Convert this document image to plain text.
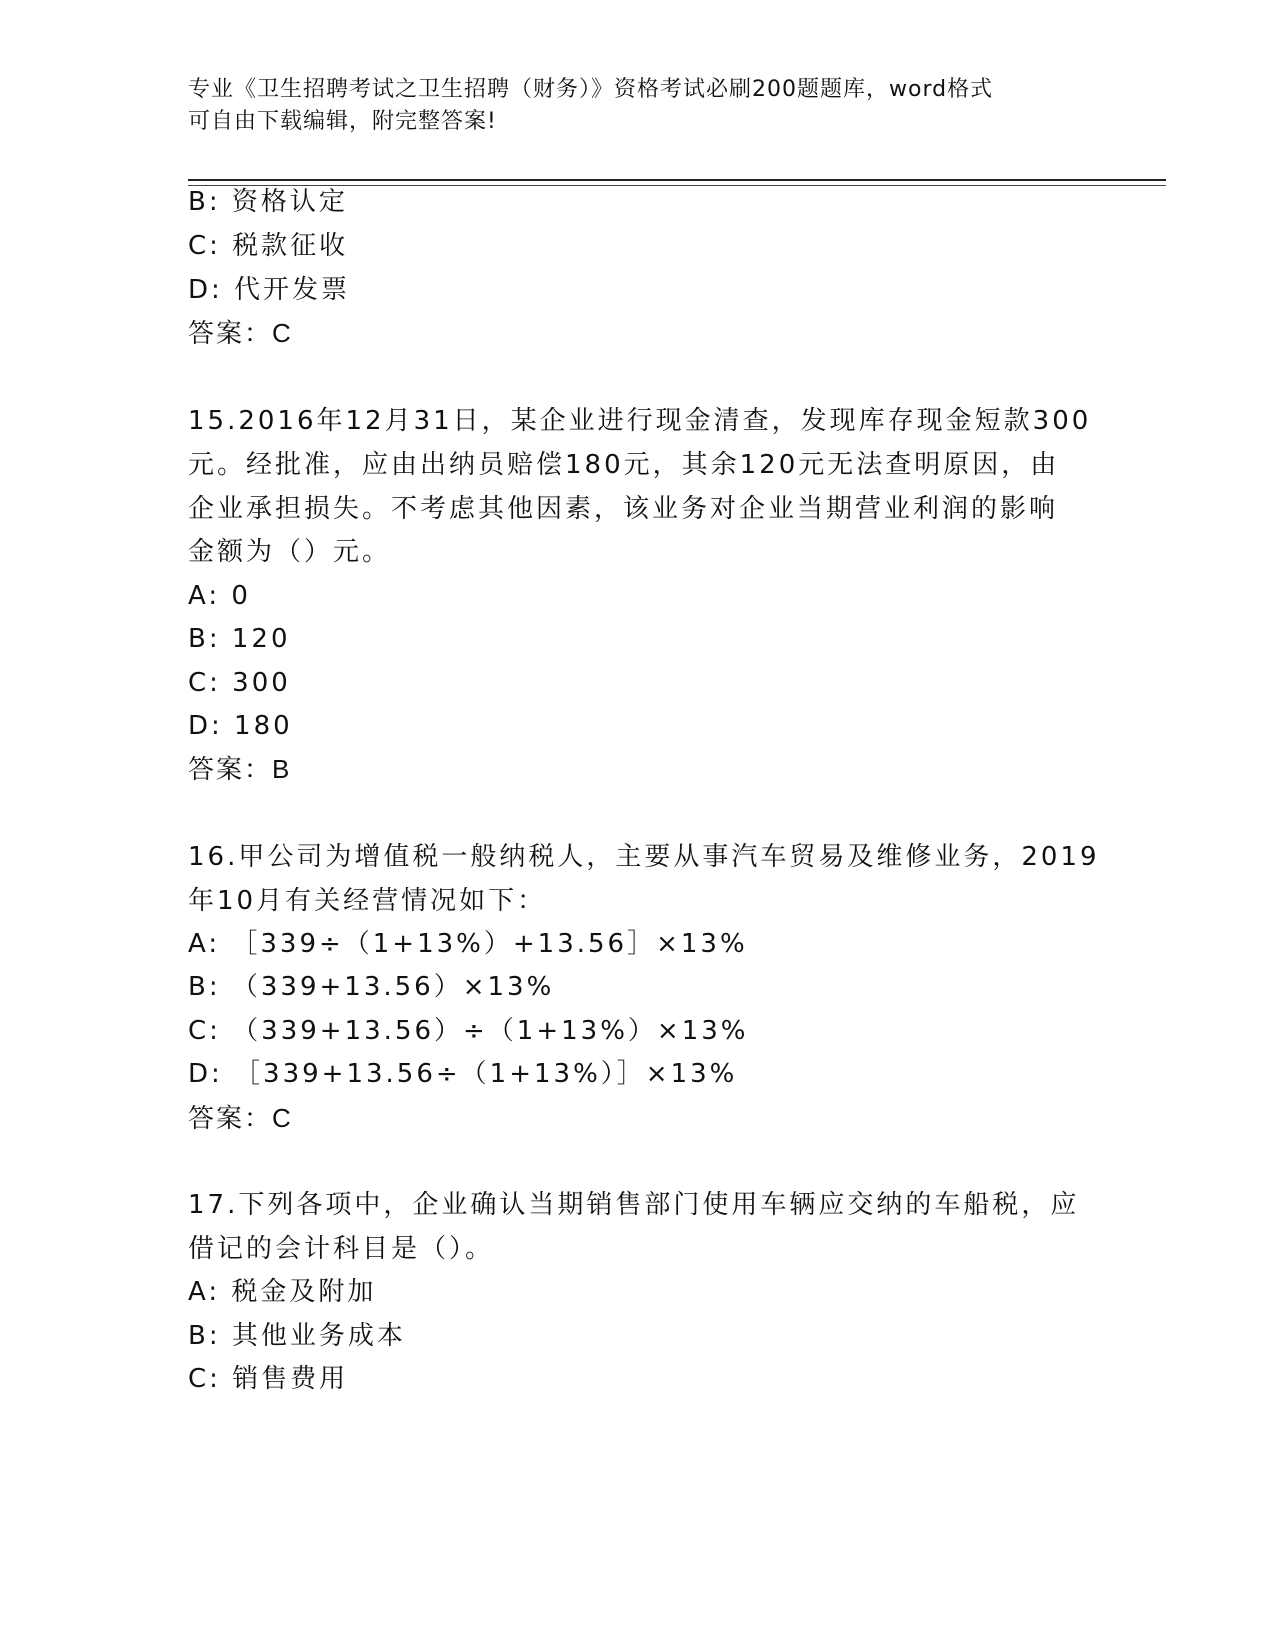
专业《卫生招聘考试之卫生招聘（财务）》资格考试必刷200题题库，word格式
可自由下载编辑，附完整答案!
B: 资格认定
C: 税款征收
D: 代开发票
答案：C
15.2016年12月31日，某企业进行现金清查，发现库存现金短款300
元。经批准，应由出纳员赔偿180元，其余120元无法查明原因，由
企业承担损失。不考虑其他因素，该业务对企业当期营业利润的影响
金额为（）元。
A: 0
B: 120
C: 300
D: 180
答案：B
16.甲公司为增值税一般纳税人，主要从事汽车贸易及维修业务，2019
年10月有关经营情况如下：
A: ［339÷（1+13%）+13.56］×13%
B: （339+13.56）×13%
C: （339+13.56）÷（1+13%）×13%
D: ［339+13.56÷（1+13%）］×13%
答案：C
17.下列各项中，企业确认当期销售部门使用车辆应交纳的车船税，应
借记的会计科目是（）。
A: 税金及附加
B: 其他业务成本
C: 销售费用
